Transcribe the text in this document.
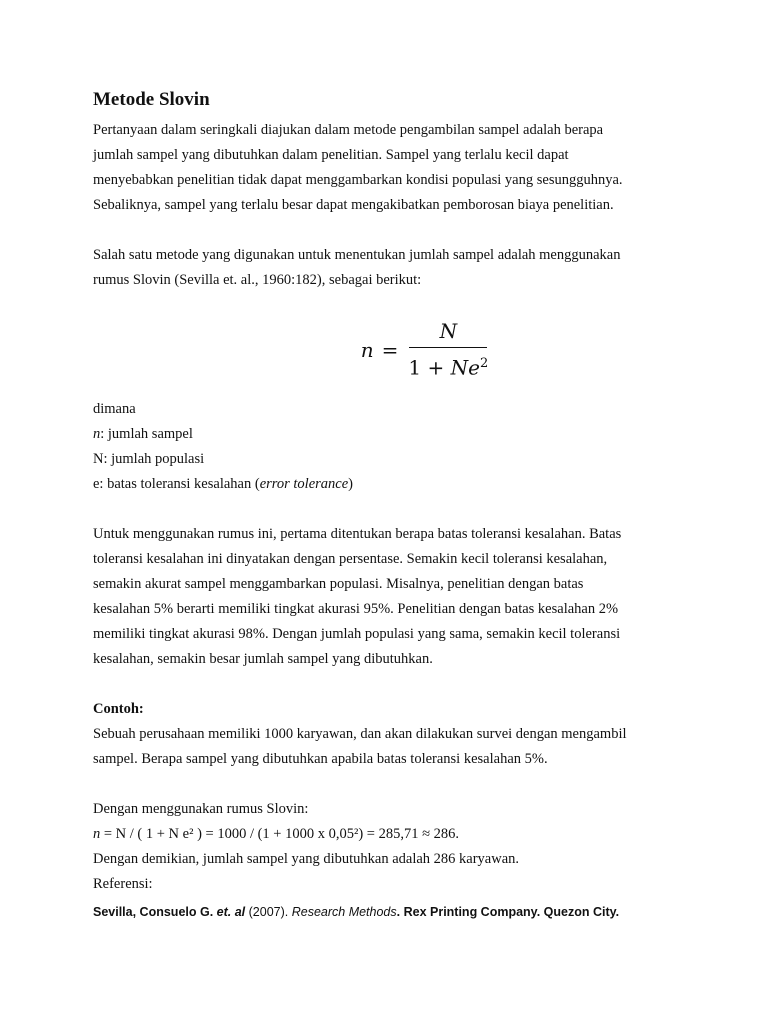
Metode Slovin

Pertanyaan dalam seringkali diajukan dalam metode pengambilan sampel adalah berapa

jumlah sampel yang dibutuhkan dalam penelitian. Sampel yang terlalu kecil dapat

menyebabkan penelitian tidak dapat menggambarkan kondisi populasi yang sesungguhnya.

Sebaliknya, sampel yang terlalu besar dapat mengakibatkan pemborosan biaya penelitian.

Salah satu metode yang digunakan untuk menentukan jumlah sampel adalah menggunakan

rumus Slovin (Sevilla et. al., 1960:182), sebagai berikut:

$n = \frac{N}{1 + Ne^2}$

dimana

n: jumlah sampel

N: jumlah populasi

e: batas toleransi kesalahan (error tolerance)

Untuk menggunakan rumus ini, pertama ditentukan berapa batas toleransi kesalahan. Batas

toleransi kesalahan ini dinyatakan dengan persentase. Semakin kecil toleransi kesalahan,

semakin akurat sampel menggambarkan populasi. Misalnya, penelitian dengan batas

kesalahan 5% berarti memiliki tingkat akurasi 95%. Penelitian dengan batas kesalahan 2%

memiliki tingkat akurasi 98%. Dengan jumlah populasi yang sama, semakin kecil toleransi

kesalahan, semakin besar jumlah sampel yang dibutuhkan.

Contoh:

Sebuah perusahaan memiliki 1000 karyawan, dan akan dilakukan survei dengan mengambil

sampel. Berapa sampel yang dibutuhkan apabila batas toleransi kesalahan 5%.

Dengan menggunakan rumus Slovin:

n = N / ( 1 + N e² ) = 1000 / (1 + 1000 x 0,05²) = 285,71 ≈ 286.

Dengan demikian, jumlah sampel yang dibutuhkan adalah 286 karyawan.

Referensi:

Sevilla, Consuelo G. et. al (2007). Research Methods. Rex Printing Company. Quezon City.
